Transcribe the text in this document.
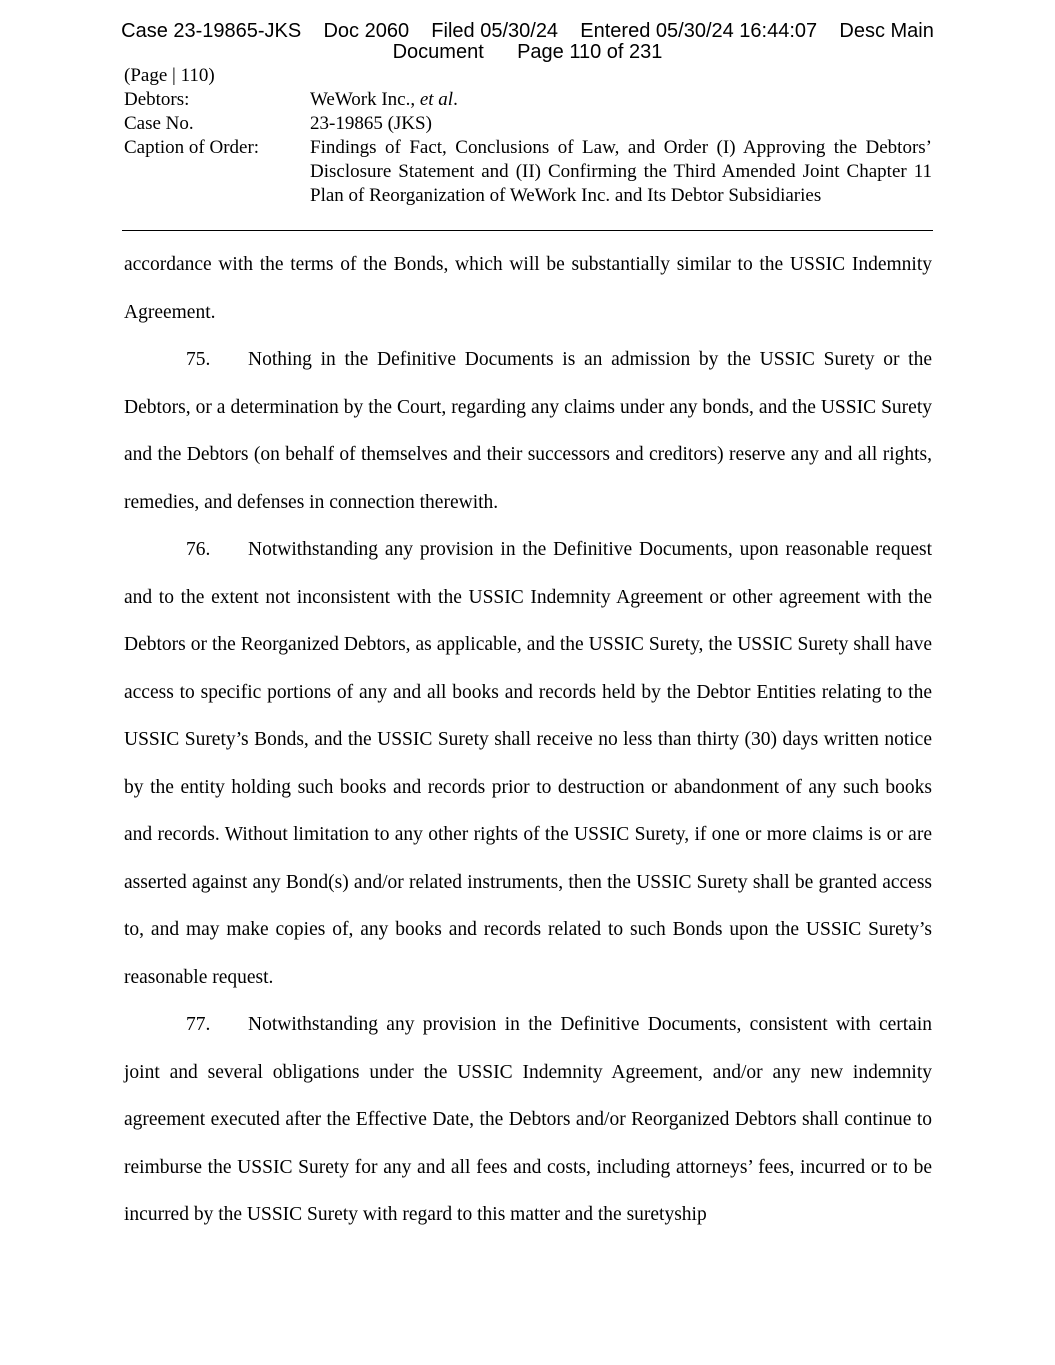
Case 23-19865-JKS    Doc 2060    Filed 05/30/24    Entered 05/30/24 16:44:07    Desc Main
Document      Page 110 of 231
(Page | 110)
Debtors:	WeWork Inc., et al.
Case No.	23-19865 (JKS)
Caption of Order:	Findings of Fact, Conclusions of Law, and Order (I) Approving the Debtors’ Disclosure Statement and (II) Confirming the Third Amended Joint Chapter 11 Plan of Reorganization of WeWork Inc. and Its Debtor Subsidiaries

accordance with the terms of the Bonds, which will be substantially similar to the USSIC Indemnity Agreement.

75. Nothing in the Definitive Documents is an admission by the USSIC Surety or the Debtors, or a determination by the Court, regarding any claims under any bonds, and the USSIC Surety and the Debtors (on behalf of themselves and their successors and creditors) reserve any and all rights, remedies, and defenses in connection therewith.

76. Notwithstanding any provision in the Definitive Documents, upon reasonable request and to the extent not inconsistent with the USSIC Indemnity Agreement or other agreement with the Debtors or the Reorganized Debtors, as applicable, and the USSIC Surety, the USSIC Surety shall have access to specific portions of any and all books and records held by the Debtor Entities relating to the USSIC Surety’s Bonds, and the USSIC Surety shall receive no less than thirty (30) days written notice by the entity holding such books and records prior to destruction or abandonment of any such books and records. Without limitation to any other rights of the USSIC Surety, if one or more claims is or are asserted against any Bond(s) and/or related instruments, then the USSIC Surety shall be granted access to, and may make copies of, any books and records related to such Bonds upon the USSIC Surety’s reasonable request.

77. Notwithstanding any provision in the Definitive Documents, consistent with certain joint and several obligations under the USSIC Indemnity Agreement, and/or any new indemnity agreement executed after the Effective Date, the Debtors and/or Reorganized Debtors shall continue to reimburse the USSIC Surety for any and all fees and costs, including attorneys’ fees, incurred or to be incurred by the USSIC Surety with regard to this matter and the suretyship
